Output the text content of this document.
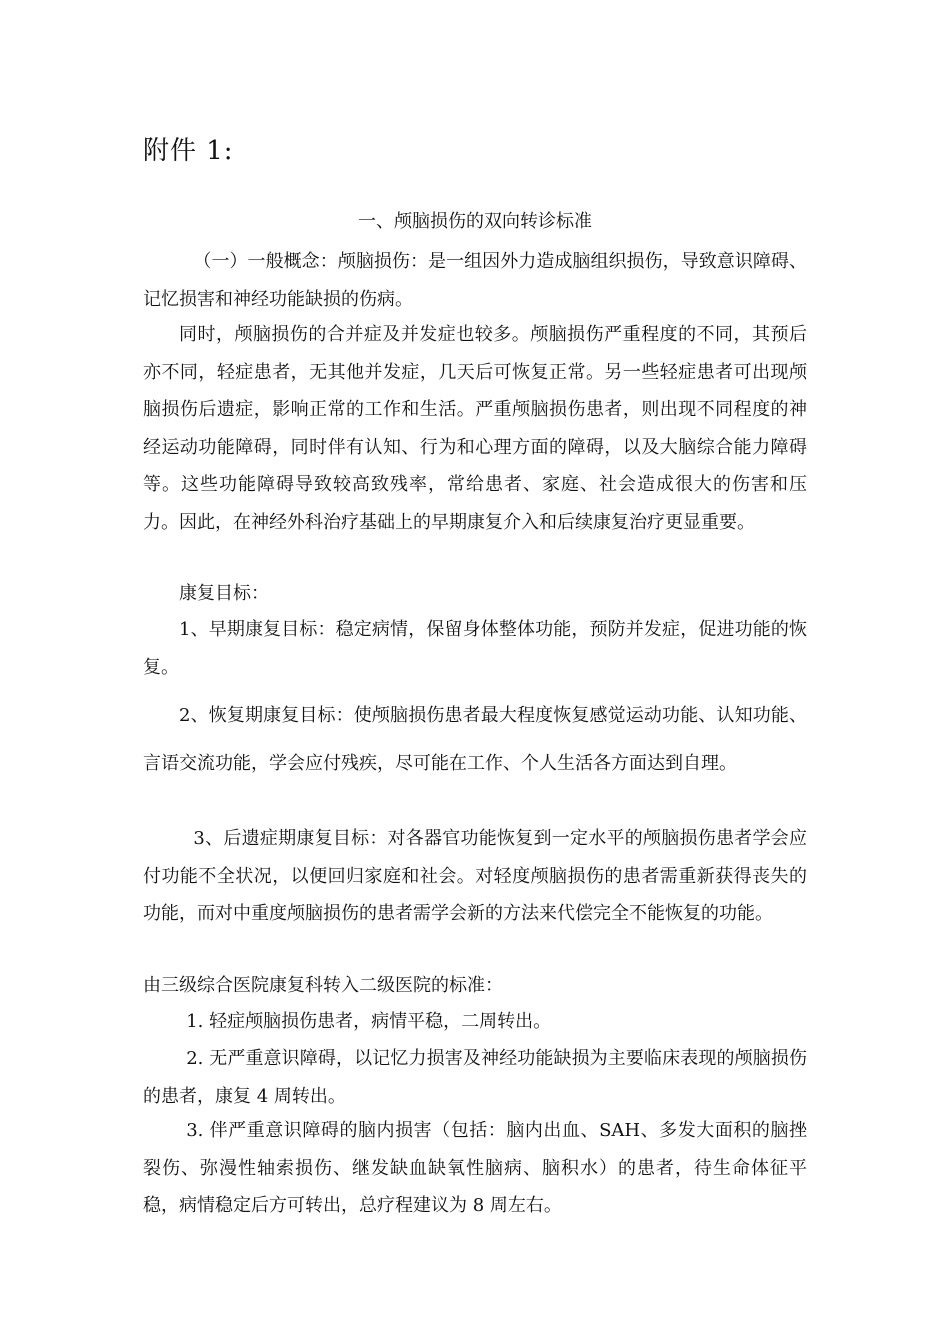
附件 1:
一、颅脑损伤的双向转诊标准

（一）一般概念：颅脑损伤：是一组因外力造成脑组织损伤，导致意识障碍、记忆损害和神经功能缺损的伤病。

同时，颅脑损伤的合并症及并发症也较多。颅脑损伤严重程度的不同，其预后亦不同，轻症患者，无其他并发症，几天后可恢复正常。另一些轻症患者可出现颅脑损伤后遗症，影响正常的工作和生活。严重颅脑损伤患者，则出现不同程度的神经运动功能障碍，同时伴有认知、行为和心理方面的障碍，以及大脑综合能力障碍等。这些功能障碍导致较高致残率，常给患者、家庭、社会造成很大的伤害和压力。因此，在神经外科治疗基础上的早期康复介入和后续康复治疗更显重要。

康复目标：

1、早期康复目标：稳定病情，保留身体整体功能，预防并发症，促进功能的恢复。

2、恢复期康复目标：使颅脑损伤患者最大程度恢复感觉运动功能、认知功能、言语交流功能，学会应付残疾，尽可能在工作、个人生活各方面达到自理。

3、后遗症期康复目标：对各器官功能恢复到一定水平的颅脑损伤患者学会应付功能不全状况，以便回归家庭和社会。对轻度颅脑损伤的患者需重新获得丧失的功能，而对中重度颅脑损伤的患者需学会新的方法来代偿完全不能恢复的功能。

由三级综合医院康复科转入二级医院的标准：

1. 轻症颅脑损伤患者，病情平稳，二周转出。

2. 无严重意识障碍，以记忆力损害及神经功能缺损为主要临床表现的颅脑损伤的患者，康复 4 周转出。

3. 伴严重意识障碍的脑内损害（包括：脑内出血、SAH、多发大面积的脑挫裂伤、弥漫性轴索损伤、继发缺血缺氧性脑病、脑积水）的患者，待生命体征平稳，病情稳定后方可转出，总疗程建议为 8 周左右。
